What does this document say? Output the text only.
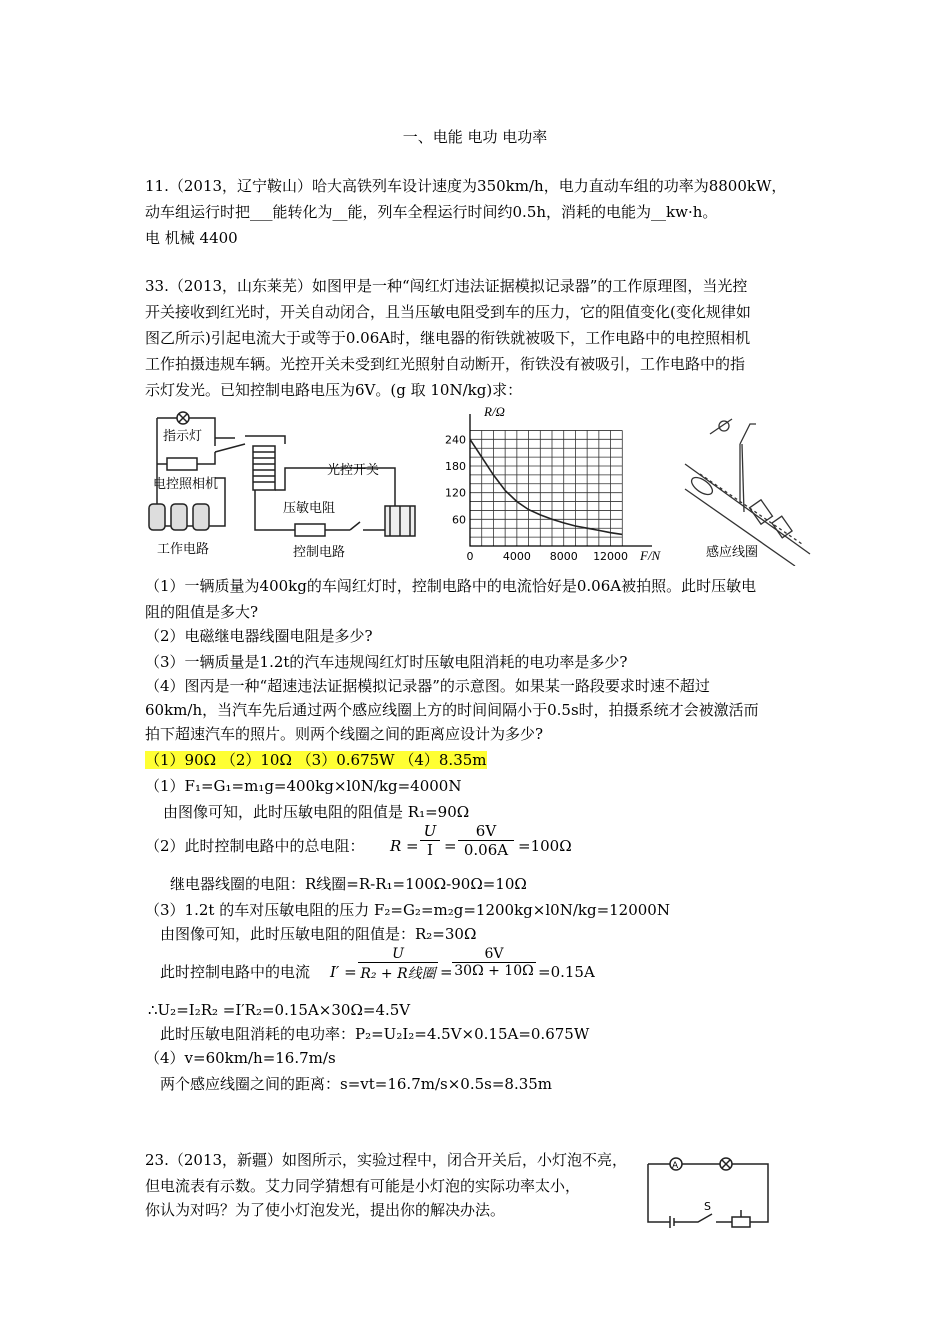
一、电能 电功 电功率
11.（2013，辽宁鞍山）哈大高铁列车设计速度为350km/h，电力直动车组的功率为8800kW，
动车组运行时把___能转化为__能，列车全程运行时间约0.5h，消耗的电能为__kw·h。
电 机械 4400
33.（2013，山东莱芜）如图甲是一种“闯红灯违法证据模拟记录器”的工作原理图，当光控
开关接收到红光时，开关自动闭合，且当压敏电阻受到车的压力，它的阻值变化(变化规律如
图乙所示)引起电流大于或等于0.06A时，继电器的衔铁就被吸下，工作电路中的电控照相机
工作拍摄违规车辆。光控开关未受到红光照射自动断开，衔铁没有被吸引，工作电路中的指
示灯发光。已知控制电路电压为6V。(g 取 10N/kg)求：
指示灯
电控照相机
光控开关
压敏电阻
工作电路	控制电路	0	4000 8000 12000
60
120
180
240
R/Ω
F/N	感应线圈
（1）一辆质量为400kg的车闯红灯时，控制电路中的电流恰好是0.06A被拍照。此时压敏电
阻的阻值是多大?
（2）电磁继电器线圈电阻是多少?
（3）一辆质量是1.2t的汽车违规闯红灯时压敏电阻消耗的电功率是多少?
（4）图丙是一种“超速违法证据模拟记录器”的示意图。如果某一路段要求时速不超过
60km/h，当汽车先后通过两个感应线圈上方的时间间隔小于0.5s时，拍摄系统才会被激活而
拍下超速汽车的照片。则两个线圈之间的距离应设计为多少?
（1）90Ω （2）10Ω （3）0.675W （4）8.35m
（1）F₁=G₁=m₁g=400kg×l0N/kg=4000N
由图像可知，此时压敏电阻的阻值是 R₁=90Ω
（2）此时控制电路中的总电阻： $R = \frac{U}{I} = \frac{6V}{0.06A} =100\Omega$
继电器线圈的电阻：R线圈=R-R₁=100Ω-90Ω=10Ω
（3）1.2t 的车对压敏电阻的压力 F₂=G₂=m₂g=1200kg×l0N/kg=12000N
由图像可知，此时压敏电阻的阻值是：R₂=30Ω
此时控制电路中的电流 I′ =
U
R₂ + R线圈 = $\frac{6V}{30\Omega + 10\Omega} =0.15A$
∴U₂=I₂R₂ =I′R₂=0.15A×30Ω=4.5V
此时压敏电阻消耗的电功率：P₂=U₂I₂=4.5V×0.15A=0.675W
（4）v=60km/h=16.7m/s
两个感应线圈之间的距离：s=vt=16.7m/s×0.5s=8.35m
23.（2013，新疆）如图所示，实验过程中，闭合开关后，小灯泡不亮，
但电流表有示数。艾力同学猜想有可能是小灯泡的实际功率太小，
你认为对吗？为了使小灯泡发光，提出你的解决办法。
A
S
